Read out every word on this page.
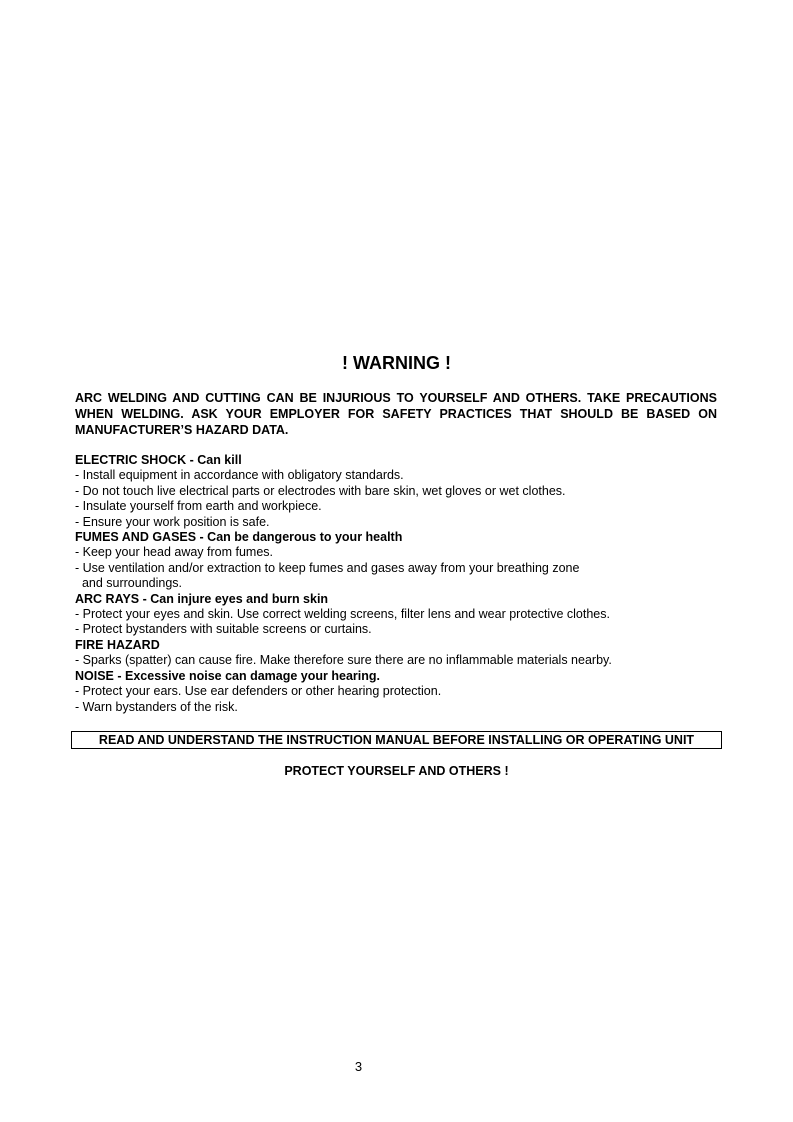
! WARNING !
ARC WELDING AND CUTTING CAN BE INJURIOUS TO YOURSELF AND OTHERS. TAKE PRECAUTIONS WHEN WELDING. ASK YOUR EMPLOYER FOR SAFETY PRACTICES THAT SHOULD BE BASED ON MANUFACTURER’S HAZARD DATA.
ELECTRIC SHOCK - Can kill
- Install equipment in accordance with obligatory standards.
- Do not touch live electrical parts or electrodes with bare skin, wet gloves or wet clothes.
- Insulate yourself from earth and workpiece.
- Ensure your work position is safe.
FUMES AND GASES - Can be dangerous to your health
- Keep your head away from fumes.
- Use ventilation and/or extraction to keep fumes and gases away from your breathing zone
and surroundings.
ARC RAYS - Can injure eyes and burn skin
- Protect your eyes and skin. Use correct welding screens, filter lens and wear protective clothes.
- Protect bystanders with suitable screens or curtains.
FIRE HAZARD
- Sparks (spatter) can cause fire. Make therefore sure there are no inflammable materials nearby.
NOISE - Excessive noise can damage your hearing.
- Protect your ears. Use ear defenders or other hearing protection.
- Warn bystanders of the risk.
READ AND UNDERSTAND THE INSTRUCTION MANUAL BEFORE INSTALLING OR OPERATING UNIT
PROTECT YOURSELF AND OTHERS !
3
